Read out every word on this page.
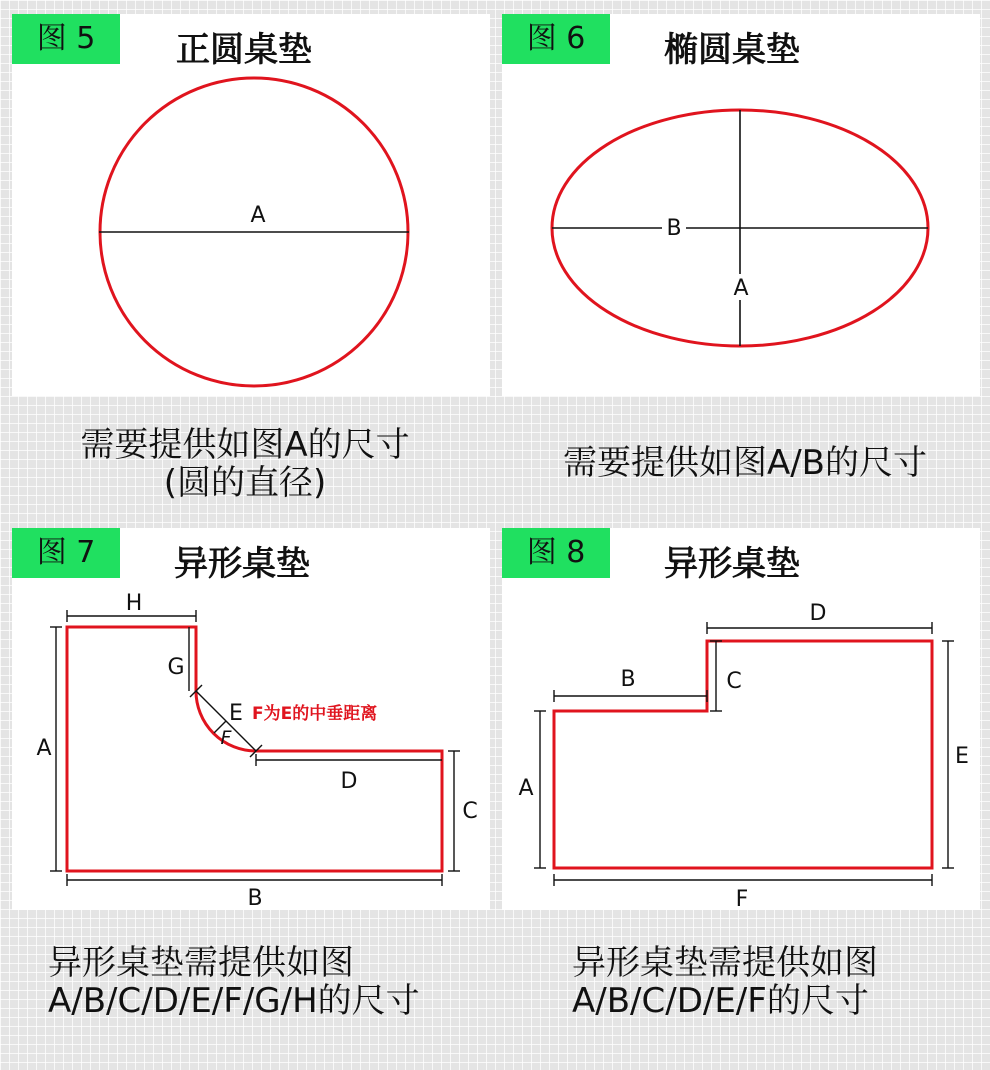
A
图 5	正圆桌垫
需要提供如图A的尺寸
(圆的直径)
B
A
图 6	椭圆桌垫
需要提供如图A/B的尺寸
H
A
G
E F为E的中垂距离
F
D
C
B
图 7	异形桌垫
异形桌垫需提供如图
A/B/C/D/E/F/G/H的尺寸
D
B	C
A
E
F
图 8	异形桌垫
异形桌垫需提供如图
A/B/C/D/E/F的尺寸
